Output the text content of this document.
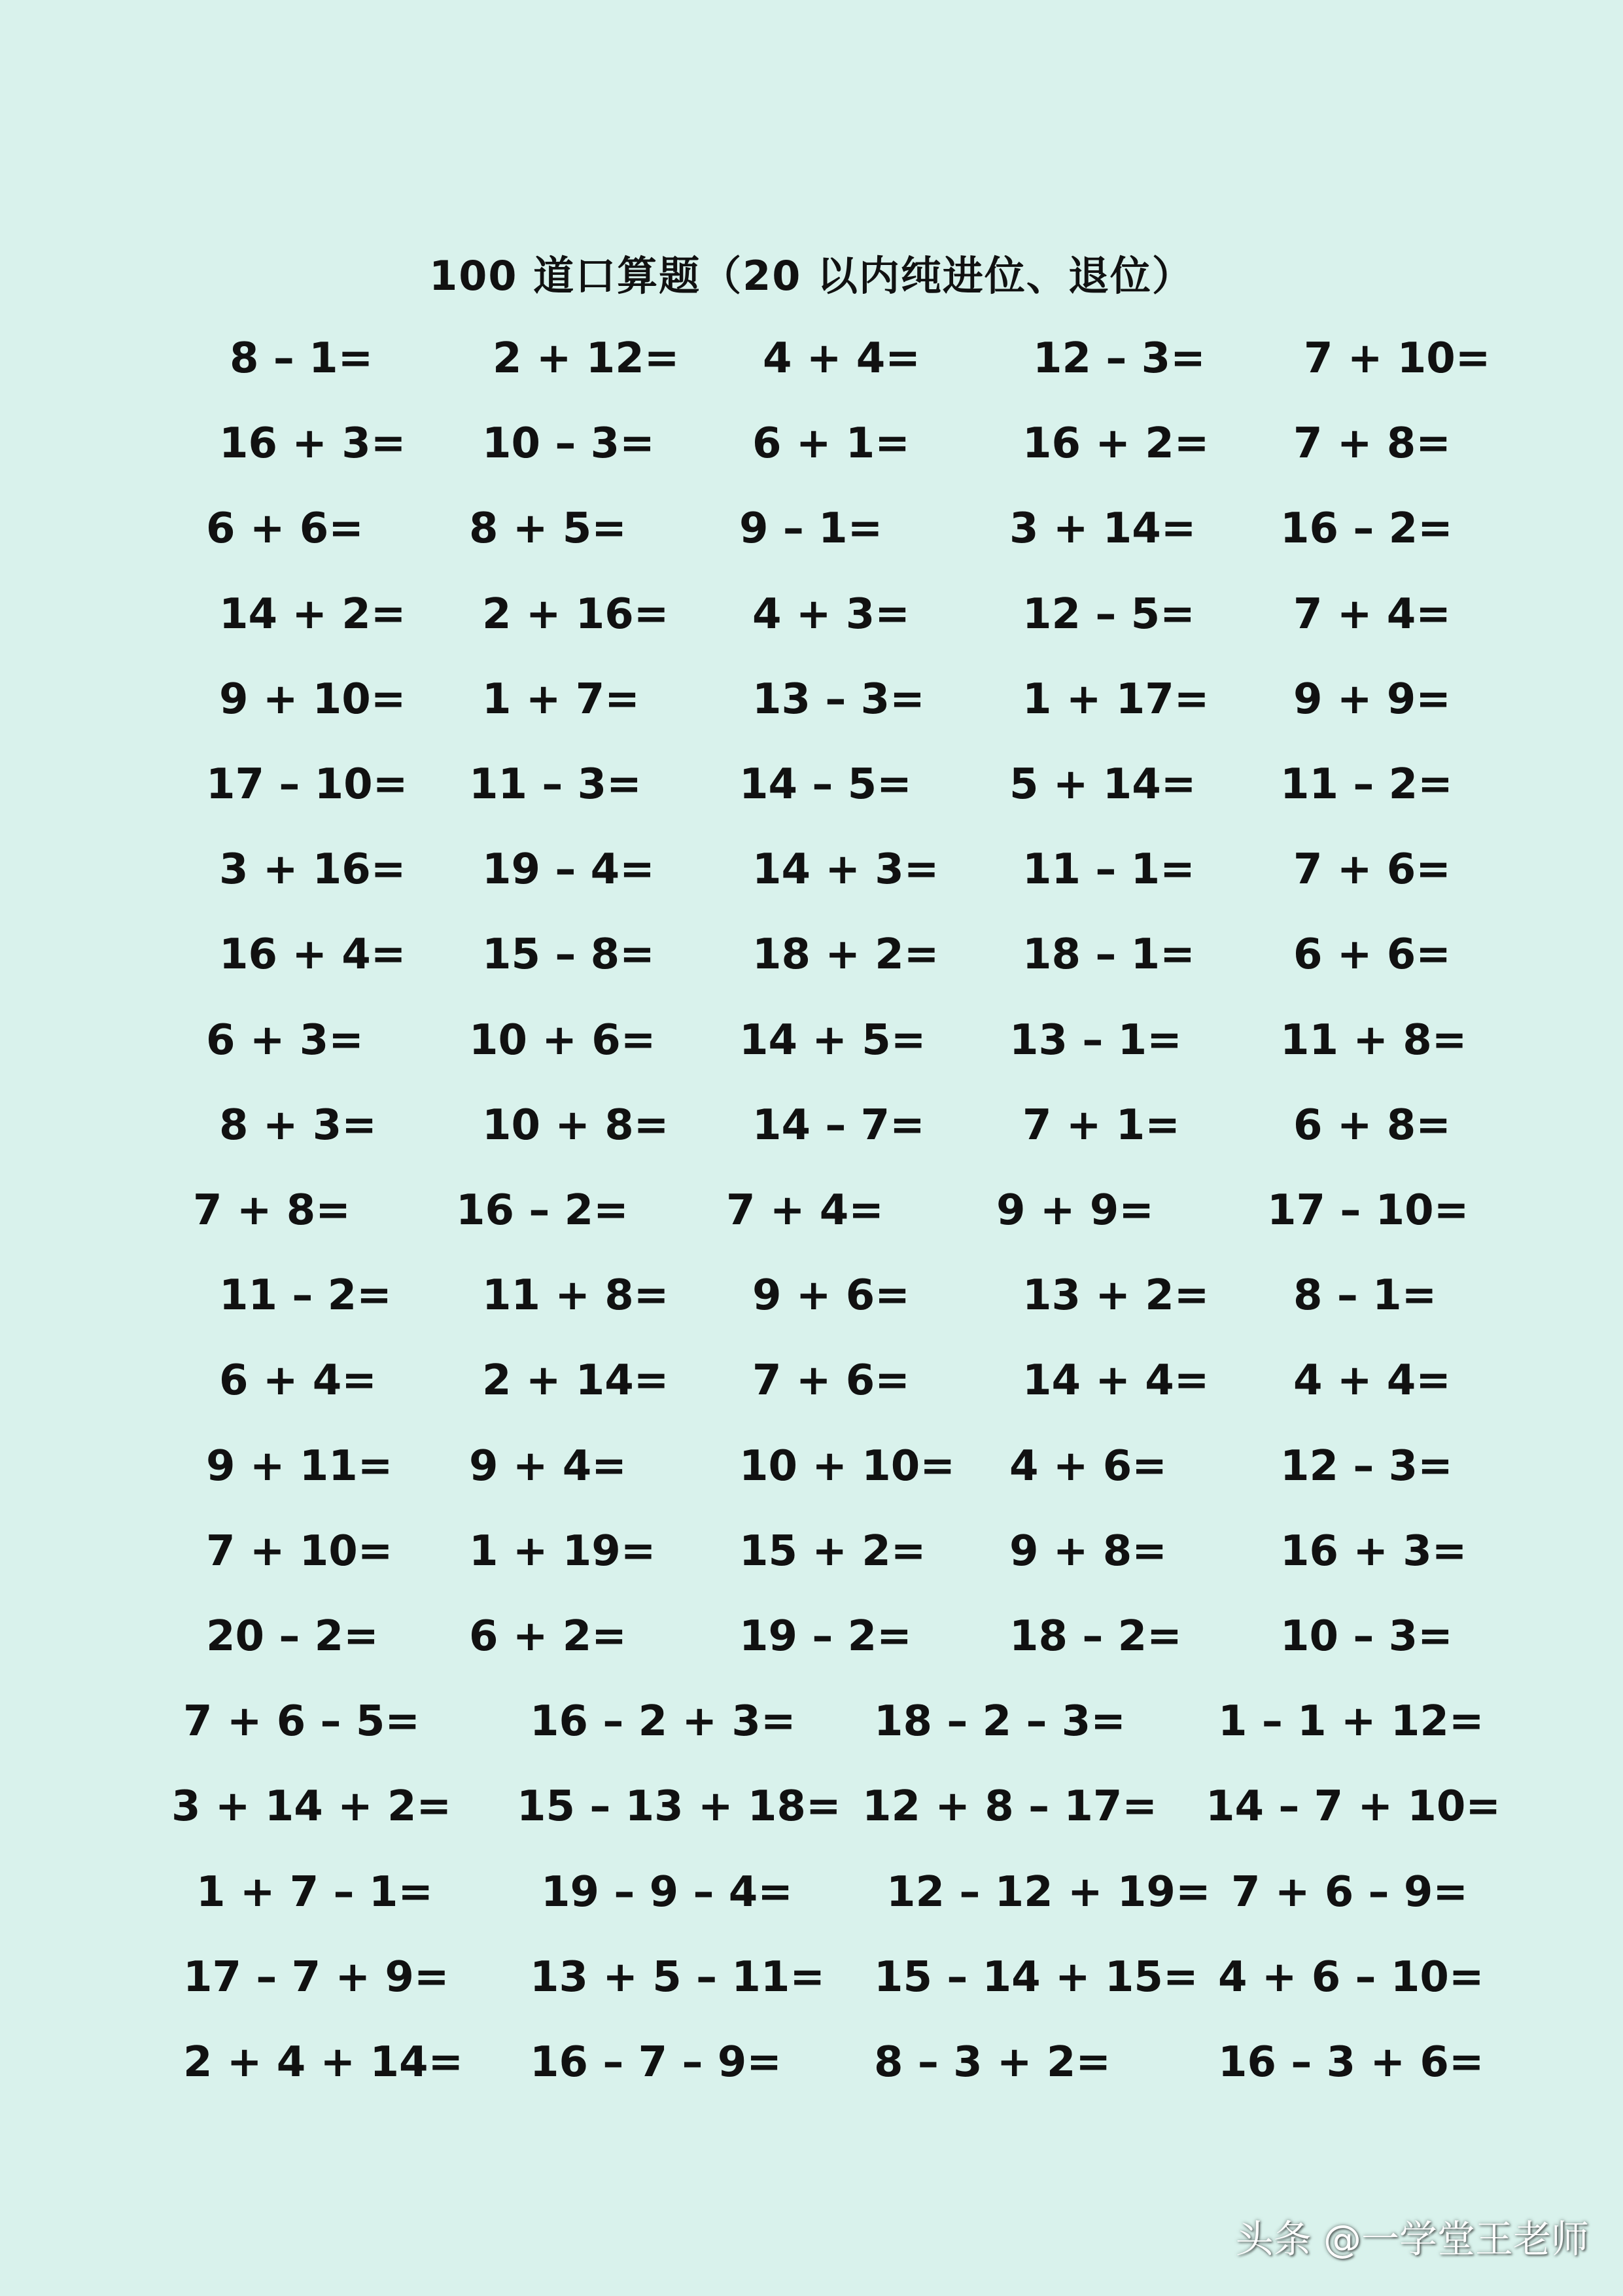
100 道口算题（20 以内纯进位、退位）
8 – 1=	2 + 12= 4 + 4=	12 – 3= 7 + 10=
16 + 3= 10 – 3= 6 + 1=	16 + 2= 7 + 8=
6 + 6=	8 + 5=	9 – 1=	3 + 14= 16 – 2=
14 + 2= 2 + 16= 4 + 3=	12 – 5= 7 + 4=
9 + 10= 1 + 7=	13 – 3= 1 + 17= 9 + 9=
17 – 10= 11 – 3= 14 – 5= 5 + 14= 11 – 2=
3 + 16= 19 – 4= 14 + 3= 11 – 1= 7 + 6=
16 + 4= 15 – 8= 18 + 2= 18 – 1= 6 + 6=
6 + 3=	10 + 6= 14 + 5= 13 – 1= 11 + 8=
8 + 3=	10 + 8= 14 – 7= 7 + 1=	6 + 8=
7 + 8=	16 – 2= 7 + 4=	9 + 9=	17 – 10=
11 – 2= 11 + 8= 9 + 6=	13 + 2= 8 – 1=
6 + 4=	2 + 14= 7 + 6=	14 + 4= 4 + 4=
9 + 11= 9 + 4=	10 + 10= 4 + 6=	12 – 3=
7 + 10= 1 + 19= 15 + 2= 9 + 8=	16 + 3=
20 – 2= 6 + 2=	19 – 2= 18 – 2= 10 – 3=
7 + 6 – 5=	16 – 2 + 3= 18 – 2 – 3= 1 – 1 + 12=
3 + 14 + 2= 15 – 13 + 18= 12 + 8 – 17= 14 – 7 + 10=
1 + 7 – 1=	19 – 9 – 4= 12 – 12 + 19= 7 + 6 – 9=
17 – 7 + 9= 13 + 5 – 11= 15 – 14 + 15= 4 + 6 – 10=
2 + 4 + 14= 16 – 7 – 9= 8 – 3 + 2=	16 – 3 + 6=
头条 @一学堂王老师
